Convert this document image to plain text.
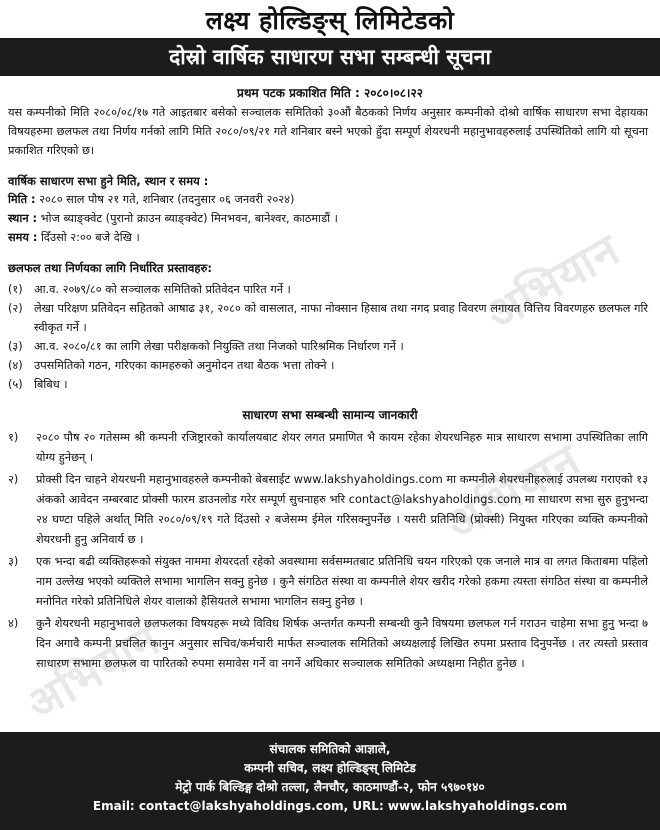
अभियान
अभियान
अभियान
लक्ष्य होल्डिङ्स् लिमिटेडको
दोस्रो वार्षिक साधारण सभा सम्बन्धी सूचना
प्रथम पटक प्रकाशित मिति : २०८०।०८।२२
यस कम्पनीको मिति २०८०/०८/१७ गते आइतबार बसेको सञ्चालक समितिको ३०औं बैठकको निर्णय अनुसार कम्पनीको दोश्रो वार्षिक साधारण सभा देहायका विषयहरुमा छलफल तथा निर्णय गर्नको लागि मिति २०८०/०९/२१ गते शनिबार बस्ने भएको हुँदा सम्पूर्ण शेयरधनी महानुभावहरुलाई उपस्थितिको लागि यो सूचना प्रकाशित गरिएको छ।
वार्षिक साधारण सभा हुने मिति, स्थान र समय :
मिति : २०८० साल पौष २१ गते, शनिबार (तदनुसार ०६ जनवरी २०२४)
स्थान : भोज ब्याङ्क्वेट (पुरानो क्राउन ब्याङ्क्वेट) मिनभवन, बानेश्वर, काठमाडौं ।
समय : दिँउसो २:०० बजे देखि ।
छलफल तथा निर्णयका लागि निर्धारित प्रस्तावहरु:
(१) आ.व. २०७९/८० को सञ्चालक समितिको प्रतिवेदन पारित गर्ने ।
(२) लेखा परिक्षण प्रतिवेदन सहितको आषाढ ३१, २०८० को वासलात, नाफा नोक्सान हिसाब तथा नगद प्रवाह विवरण लगायत वित्तिय विवरणहरु छलफल गरि स्वीकृत गर्ने ।
(३) आ.व. २०८०/८१ का लागि लेखा परीक्षकको नियुक्ति तथा निजको पारिश्रमिक निर्धारण गर्ने ।
(४) उपसमितिको गठन, गरिएका कामहरुको अनुमोदन तथा बैठक भत्ता तोक्ने ।
(५) बिबिध ।
साधारण सभा सम्बन्धी सामान्य जानकारी
१)	२०८० पौष २० गतेसम्म श्री कम्पनी रजिष्ट्रारको कार्यालयबाट शेयर लगत प्रमाणित भै कायम रहेका शेयरधनिहरु मात्र साधारण सभामा उपस्थितिका लागि योग्य हुनेछन् ।
२)	प्रोक्सी दिन चाहने शेयरधनी महानुभावहरुले कम्पनीको बेबसाईट www.lakshyaholdings.com मा कम्पनीले शेयरधनीहरुलाई उपलब्ध गराएको १३ अंकको आवेदन नम्बरबाट प्रोक्सी फारम डाउनलोड गरेर सम्पूर्ण सुचनाहरु भरि contact@lakshyaholdings.com मा साधारण सभा सुरु हुनुभन्दा २४ घण्टा पहिले अर्थात् मिति २०८०/०९/१९ गते दिंउसो २ बजेसम्म ईमेल गरिसक्नुपर्नेछ । यसरी प्रतिनिधि (प्रोक्सी) नियुक्त गरिएका व्यक्ति कम्पनीको शेयरधनी हुनु अनिवार्य छ ।
३)	एक भन्दा बढी व्यक्तिहरूको संयुक्त नाममा शेयरदर्ता रहेको अवस्थामा सर्वसम्मतबाट प्रतिनिधि चयन गरिएको एक जनाले मात्र वा लगत किताबमा पहिलो नाम उल्लेख भएको व्यक्तिले सभामा भागलिन सक्नु हुनेछ । कुनै संगठित संस्था वा कम्पनीले शेयर खरीद गरेको हकमा त्यस्ता संगठित संस्था वा कम्पनीले मनोनित गरेको प्रतिनिधिले शेयर वालाको हैसियतले सभामा भागलिन सक्नु हुनेछ ।
४)	कुनै शेयरधनी महानुभावले छलफलका विषयहरू मध्ये विविध शिर्षक अन्तर्गत कम्पनी सम्बन्धी कुनै विषयमा छलफल गर्न गराउन चाहेमा सभा हुनु भन्दा ७ दिन अगावै कम्पनी प्रचलित कानुन अनुसार सचिव/कर्मचारी मार्फत सञ्चालक समितिको अध्यक्षलाई लिखित रुपमा प्रस्ताव दिनुपर्नेछ । तर त्यस्तो प्रस्ताव साधारण सभामा छलफल वा पारितको रुपमा समावेस गर्ने वा नगर्ने अधिकार सञ्चालक समितिको अध्यक्षमा निहीत हुनेछ ।
संचालक समितिको आज्ञाले,
कम्पनी सचिव, लक्ष्य होल्डिङ्स् लिमिटेड
मेट्रो पार्क बिल्डिङ्ग दोश्रो तल्ला, लैनचौर, काठमाण्डौं-२, फोन ५९७०१४०
Email: contact@lakshyaholdings.com, URL: www.lakshyaholdings.com
